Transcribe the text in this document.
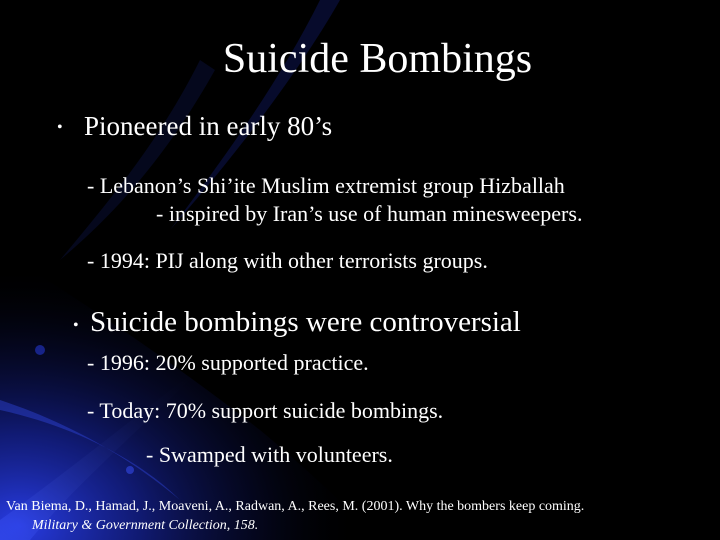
Suicide Bombings
• Pioneered in early 80’s
- Lebanon’s Shi’ite Muslim extremist group Hizballah
- inspired by Iran’s use of human minesweepers.
- 1994: PIJ along with other terrorists groups.
• Suicide bombings were controversial
- 1996: 20% supported practice.
- Today: 70% support suicide bombings.
- Swamped with volunteers.
Van Biema, D., Hamad, J., Moaveni, A., Radwan, A., Rees, M. (2001). Why the bombers keep coming.
Military & Government Collection, 158.
